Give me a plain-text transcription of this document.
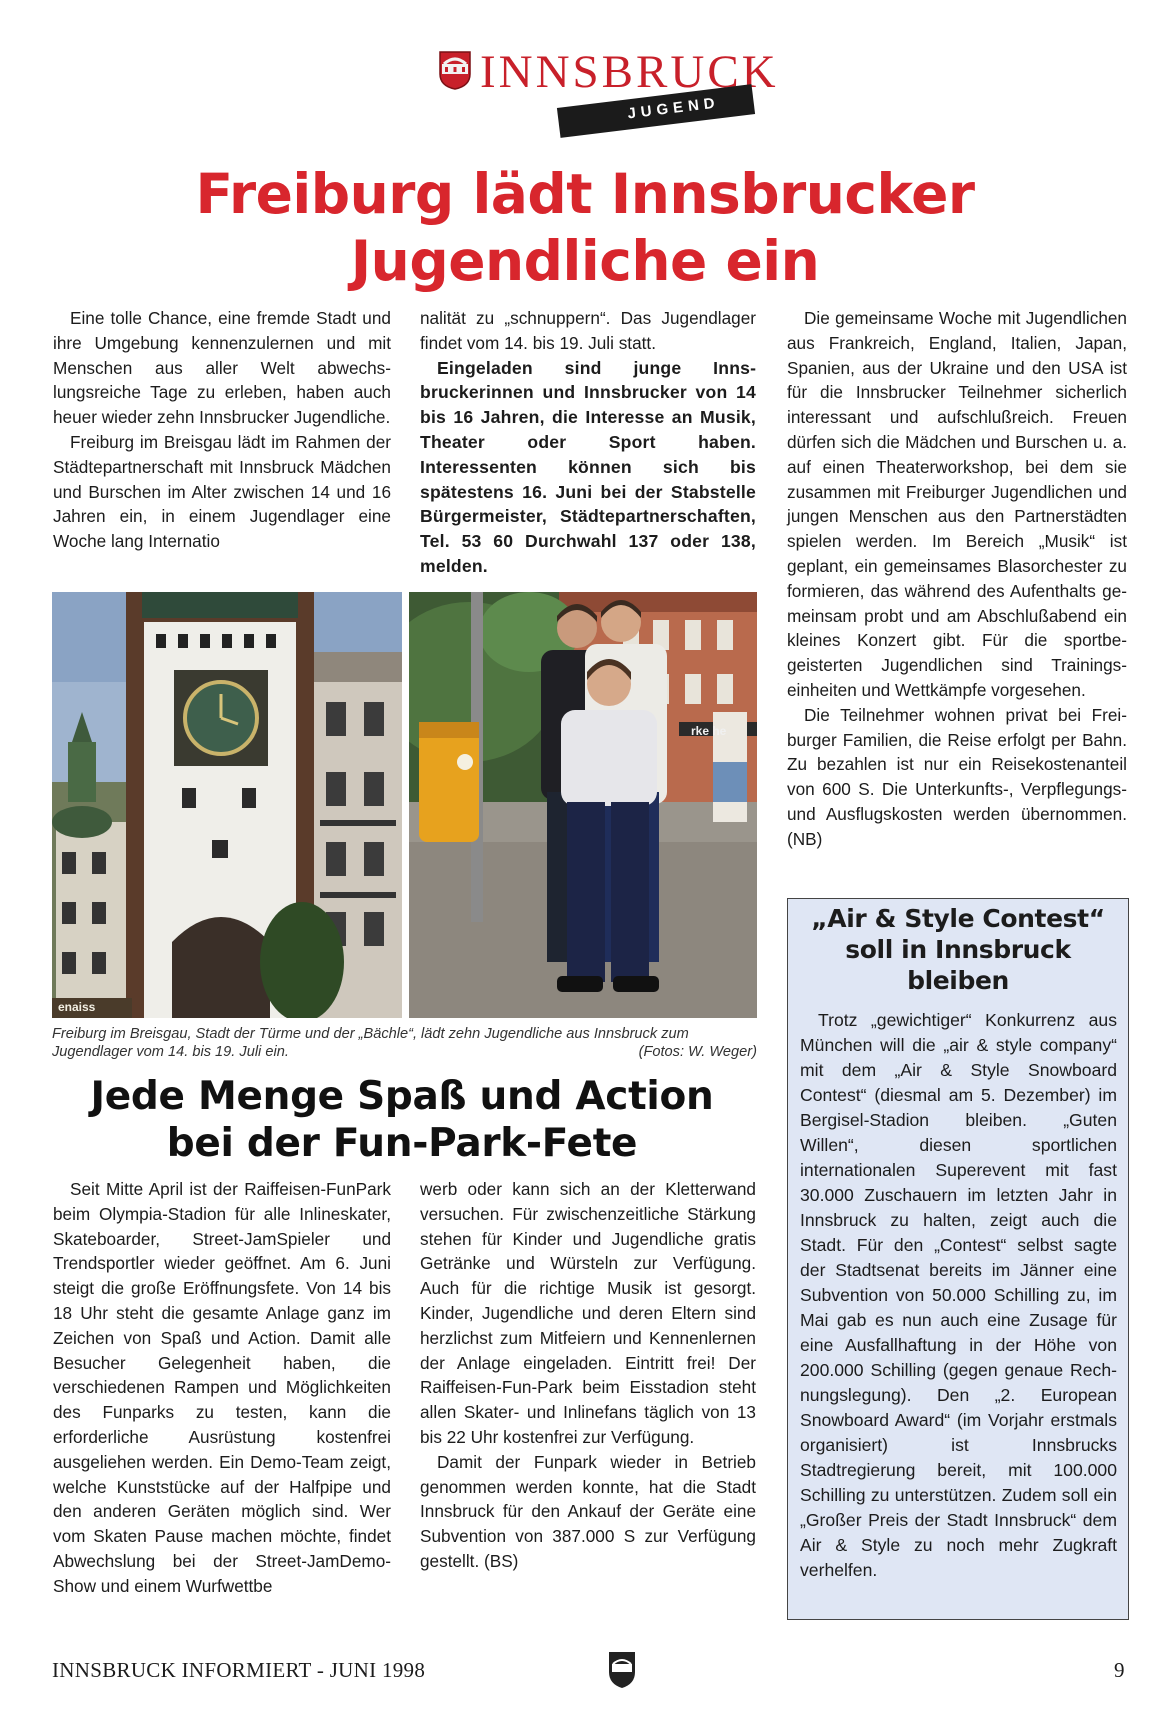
INNSBRUCK
JUGEND
Freiburg lädt Innsbrucker
Jugendliche ein

Eine tolle Chance, eine fremde Stadt und ihre Umgebung kennenzulernen und mit Menschen aus aller Welt abwechslungsreiche Tage zu erleben, haben auch heuer wieder zehn Innsbrucker Jugendliche.

Freiburg im Breisgau lädt im Rahmen der Städtepartnerschaft mit Innsbruck Mädchen und Burschen im Alter zwischen 14 und 16 Jahren ein, in einem Jugendlager eine Woche lang Internatio

nalität zu „schnuppern“. Das Jugendlager findet vom 14. bis 19. Juli statt.

Eingeladen sind junge Innsbruckerinnen und Innsbrucker von 14 bis 16 Jahren, die Interesse an Musik, Theater oder Sport haben. Interessenten können sich bis spätestens 16. Juni bei der Stabstelle Bürgermeister, Städtepartnerschaften, Tel. 53 60 Durchwahl 137 oder 138, melden.

Die gemeinsame Woche mit Jugendlichen aus Frankreich, England, Italien, Japan, Spanien, aus der Ukraine und den USA ist für die Innsbrucker Teilnehmer sicherlich interessant und aufschlußreich. Freuen dürfen sich die Mädchen und Burschen u. a. auf einen Theaterworkshop, bei dem sie zusammen mit Freiburger Jugendlichen und jungen Menschen aus den Partnerstädten spielen werden. Im Bereich „Musik“ ist geplant, ein gemeinsames Blasorchester zu formieren, das während des Aufenthalts gemeinsam probt und am Abschlußabend ein kleines Konzert gibt. Für die sportbegeisterten Jugendlichen sind Trainingseinheiten und Wettkämpfe vorgesehen.

Die Teilnehmer wohnen privat bei Freiburger Familien, die Reise erfolgt per Bahn. Zu bezahlen ist nur ein Reisekostenanteil von 600 S. Die Unterkunfts-, Verpflegungs- und Ausflugskosten werden übernommen. (NB)

enaiss
rke he
Freiburg im Breisgau, Stadt der Türme und der „Bächle“, lädt zehn Jugendliche aus Innsbruck zum Jugendlager vom 14. bis 19. Juli ein.	(Fotos: W. Weger)
Jede Menge Spaß und Action
bei der Fun-Park-Fete

Seit Mitte April ist der Raiffeisen-FunPark beim Olympia-Stadion für alle Inlineskater, Skateboarder, Street-JamSpieler und Trendsportler wieder geöffnet. Am 6. Juni steigt die große Eröffnungsfete. Von 14 bis 18 Uhr steht die gesamte Anlage ganz im Zeichen von Spaß und Action. Damit alle Besucher Gelegenheit haben, die verschiedenen Rampen und Möglichkeiten des Funparks zu testen, kann die erforderliche Ausrüstung kostenfrei ausgeliehen werden. Ein Demo-Team zeigt, welche Kunststücke auf der Halfpipe und den anderen Geräten möglich sind. Wer vom Skaten Pause machen möchte, findet Abwechslung bei der Street-JamDemo-Show und einem Wurfwettbe

werb oder kann sich an der Kletterwand versuchen. Für zwischenzeitliche Stärkung stehen für Kinder und Jugendliche gratis Getränke und Würsteln zur Verfügung. Auch für die richtige Musik ist gesorgt. Kinder, Jugendliche und deren Eltern sind herzlichst zum Mitfeiern und Kennenlernen der Anlage eingeladen. Eintritt frei! Der Raiffeisen-Fun-Park beim Eisstadion steht allen Skater- und Inlinefans täglich von 13 bis 22 Uhr kostenfrei zur Verfügung.

Damit der Funpark wieder in Betrieb genommen werden konnte, hat die Stadt Innsbruck für den Ankauf der Geräte eine Subvention von 387.000 S zur Verfügung gestellt. (BS)

„Air & Style Contest“
soll in Innsbruck
bleiben

Trotz „gewichtiger“ Konkurrenz aus München will die „air & style company“ mit dem „Air & Style Snowboard Contest“ (diesmal am 5. Dezember) im Bergisel-Stadion bleiben. „Guten Willen“, diesen sportlichen internationalen Superevent mit fast 30.000 Zuschauern im letzten Jahr in Innsbruck zu halten, zeigt auch die Stadt. Für den „Contest“ selbst sagte der Stadtsenat bereits im Jänner eine Subvention von 50.000 Schilling zu, im Mai gab es nun auch eine Zusage für eine Ausfallhaftung in der Höhe von 200.000 Schilling (gegen genaue Rechnungslegung). Den „2. European Snowboard Award“ (im Vorjahr erstmals organisiert) ist Innsbrucks Stadtregierung bereit, mit 100.000 Schilling zu unterstützen. Zudem soll ein „Großer Preis der Stadt Innsbruck“ dem Air & Style zu noch mehr Zugkraft verhelfen.

INNSBRUCK INFORMIERT - JUNI 1998	9
